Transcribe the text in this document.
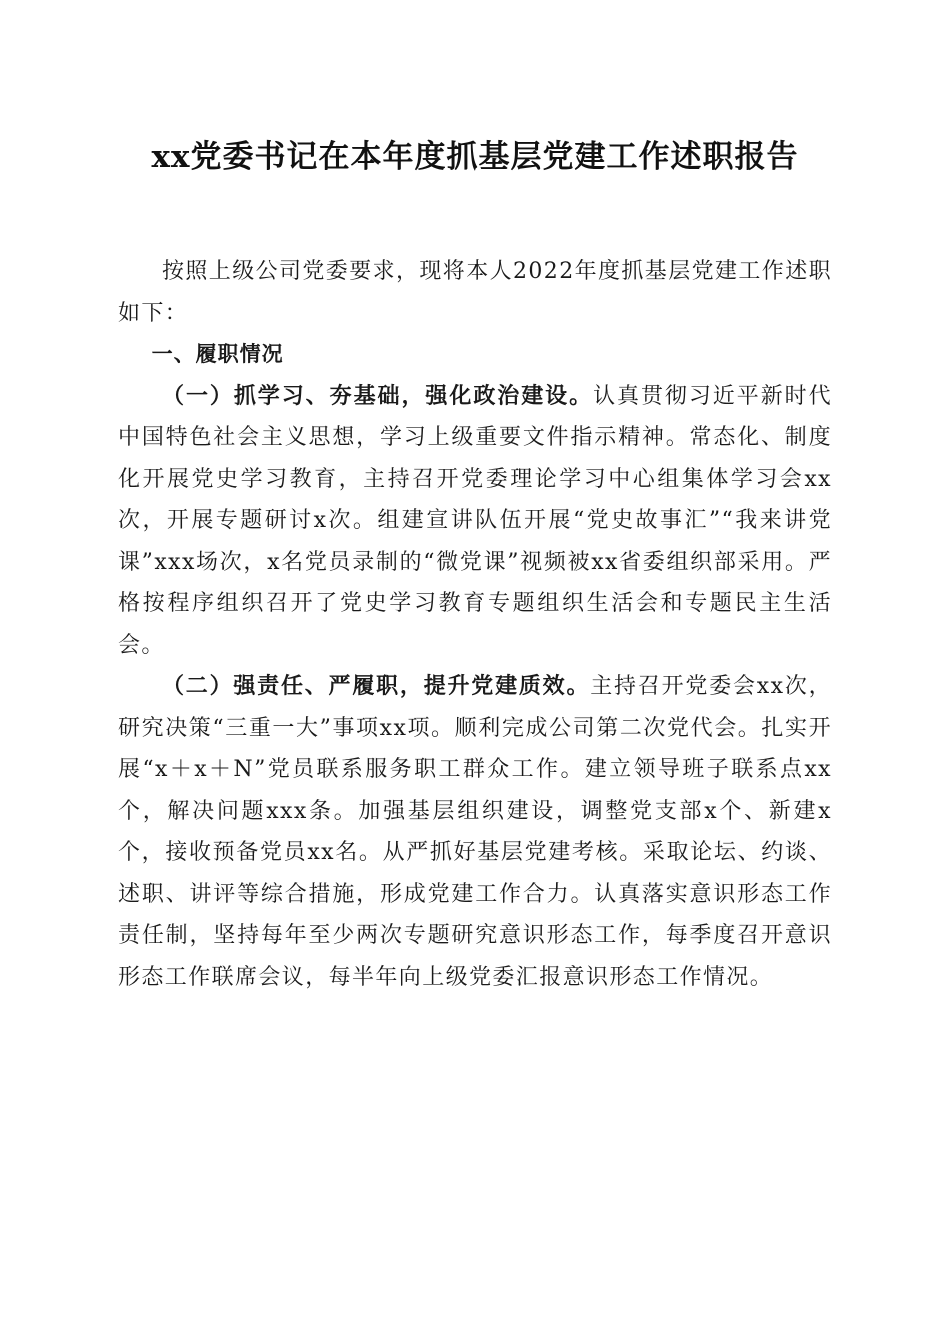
xx党委书记在本年度抓基层党建工作述职报告

按照上级公司党委要求，现将本人2022年度抓基层党建工作述职如下：

一、履职情况

（一）抓学习、夯基础，强化政治建设。认真贯彻习近平新时代中国特色社会主义思想，学习上级重要文件指示精神。常态化、制度化开展党史学习教育，主持召开党委理论学习中心组集体学习会xx次，开展专题研讨x次。组建宣讲队伍开展“党史故事汇”“我来讲党课”xxx场次，x名党员录制的“微党课”视频被xx省委组织部采用。严格按程序组织召开了党史学习教育专题组织生活会和专题民主生活会。

（二）强责任、严履职，提升党建质效。主持召开党委会xx次，研究决策“三重一大”事项xx项。顺利完成公司第二次党代会。扎实开展“x＋x＋N”党员联系服务职工群众工作。建立领导班子联系点xx个，解决问题xxx条。加强基层组织建设，调整党支部x个、新建x个，接收预备党员xx名。从严抓好基层党建考核。采取论坛、约谈、述职、讲评等综合措施，形成党建工作合力。认真落实意识形态工作责任制，坚持每年至少两次专题研究意识形态工作，每季度召开意识形态工作联席会议，每半年向上级党委汇报意识形态工作情况。
